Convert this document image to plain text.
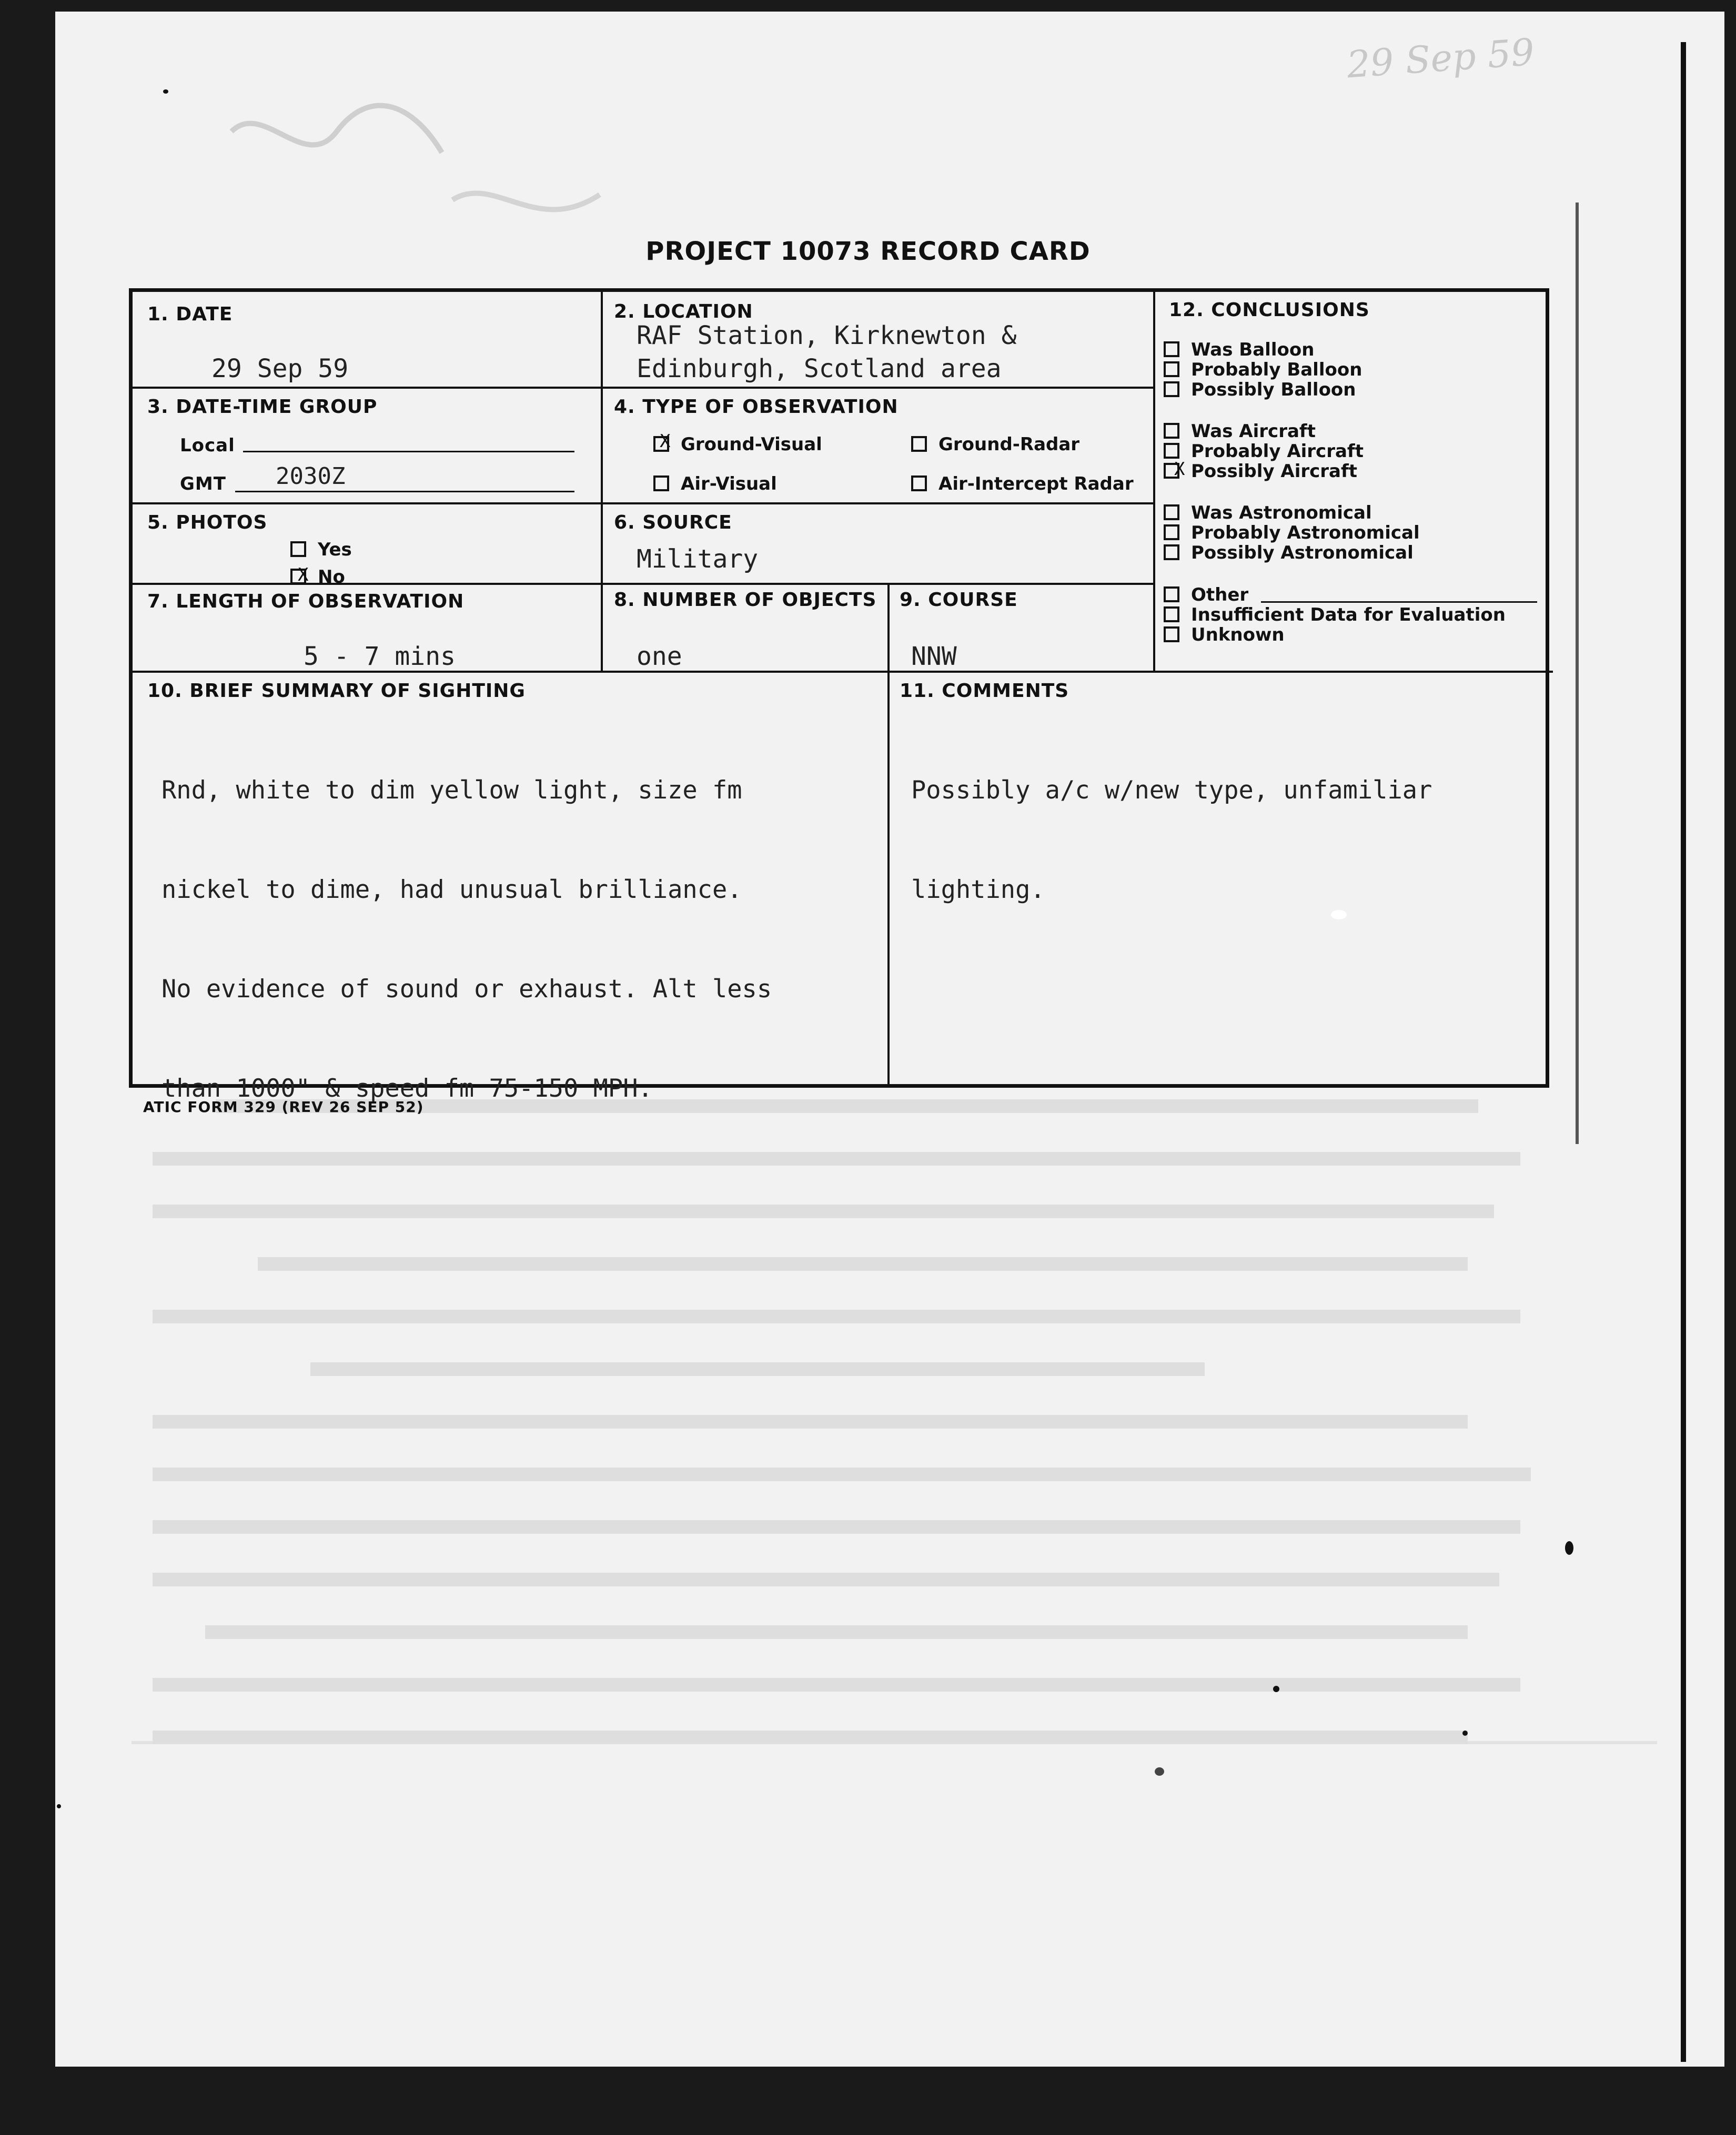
29 Sep 59
PROJECT 10073 RECORD CARD
1. DATE
29 Sep 59
2. LOCATION
RAF Station, Kirknewton &
Edinburgh, Scotland area
3. DATE-TIME GROUP
Local
GMT 2030Z
4. TYPE OF OBSERVATION
X Ground-Visual	Ground-Radar
Air-Visual	Air-Intercept Radar
5. PHOTOS
Yes
X No
6. SOURCE
Military
7. LENGTH OF OBSERVATION
5 - 7 mins
8. NUMBER OF OBJECTS
one
9. COURSE
NNW
10. BRIEF SUMMARY OF SIGHTING

Rnd, white to dim yellow light, size fm

nickel to dime, had unusual brilliance.

No evidence of sound or exhaust. Alt less

than 1000" & speed fm 75-150 MPH.

11. COMMENTS

Possibly a/c w/new type, unfamiliar

lighting.

12. CONCLUSIONS
Was Balloon
Probably Balloon
Possibly Balloon
Was Aircraft
Probably Aircraft
X Possibly Aircraft
Was Astronomical
Probably Astronomical
Possibly Astronomical
Other
Insufficient Data for Evaluation
Unknown
ATIC FORM 329 (REV 26 SEP 52)
